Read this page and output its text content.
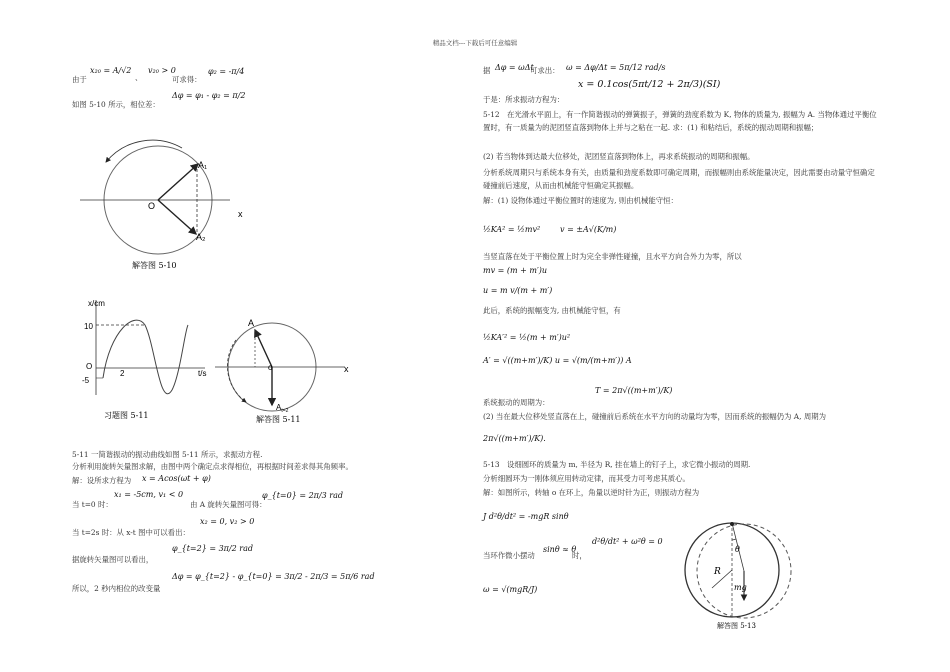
精品文档---下载后可任意编辑
由于
x₂₀ = A/√2
、
v₂₀ > 0
可求得：
φ₂ = -π/4
Δφ = φ₁ - φ₂ = π/2
如图 5-10 所示，相位差：
5-11 一简谐振动的振动曲线如图 5-11 所示，求振动方程.
分析利用旋转矢量图求解，由图中两个确定点求得相位，再根据时间差求得其角频率。
解：设所求方程为 x = Acos(ωt + φ)
当 t=0 时：
x₁ = -5cm, v₁ < 0
由 A 旋转矢量图可得：
φ_{t=0} = 2π/3 rad
当 t=2s 时：从 x-t 图中可以看出：
x₂ = 0, v₂ > 0
φ_{t=2} = 3π/2 rad
据旋转矢量图可以看出，
Δφ = φ_{t=2} - φ_{t=0} = 3π/2 - 2π/3 = 5π/6 rad
所以，2 秒内相位的改变量
据 Δφ = ωΔt
可求出： ω = Δφ/Δt = 5π/12 rad/s
x = 0.1cos(5πt/12 + 2π/3)(SI)
于是：所求振动方程为：
5-12　在光滑水平面上，有一作简谐振动的弹簧振子，弹簧的劲度系数为 K, 物体的质量为, 振幅为 A. 当物体通过平衡位置时，有一质量为的泥团竖直落到物体上并与之粘在一起. 求：(1) 和粘结后，系统的振动周期和振幅；
(2) 若当物体到达最大位移处，泥团竖直落到物体上，再求系统振动的周期和振幅。
分析系统周期只与系统本身有关，由质量和劲度系数即可确定周期，而振幅则由系统能量决定，因此需要由动量守恒确定碰撞前后速度，从而由机械能守恒确定其振幅。
解：(1) 设物体通过平衡位置时的速度为, 则由机械能守恒：
½KA² = ½mv² v = ±A√(K/m)
当竖直落在处于平衡位置上时为完全非弹性碰撞，且水平方向合外力为零，所以
mv = (m + m′)u
u = m v/(m + m′)
此后，系统的振幅变为, 由机械能守恒，有
½KA′² = ½(m + m′)u²
A′ = √((m+m′)/K) u = √(m/(m+m′)) A
T = 2π√((m+m′)/K)
系统振动的周期为：
(2) 当在最大位移处竖直落在上，碰撞前后系统在水平方向的动量均为零，因而系统的振幅仍为 A, 周期为
2π√((m+m′)/K).
5-13　设细圆环的质量为 m, 半径为 R, 挂在墙上的钉子上，求它微小振动的周期.
分析细圆环为一刚体须应用转动定律，而其受力可考虑其质心。
解：如图所示，转轴 o 在环上，角量以逆时针为正，则振动方程为
J d²θ/dt² = -mgR sinθ
d²θ/dt² + ω²θ = 0
当环作微小摆动
sinθ ≈ θ
时，
ω = √(mgR/J)
O
x
A₁
A₂
解答图 5-10
x/cm
10
O
-5
2	t/s
习题图 5-11
A
o	x
$A_{t=2}$
解答图 5-11
θ
R
mg
解答图 5-13
